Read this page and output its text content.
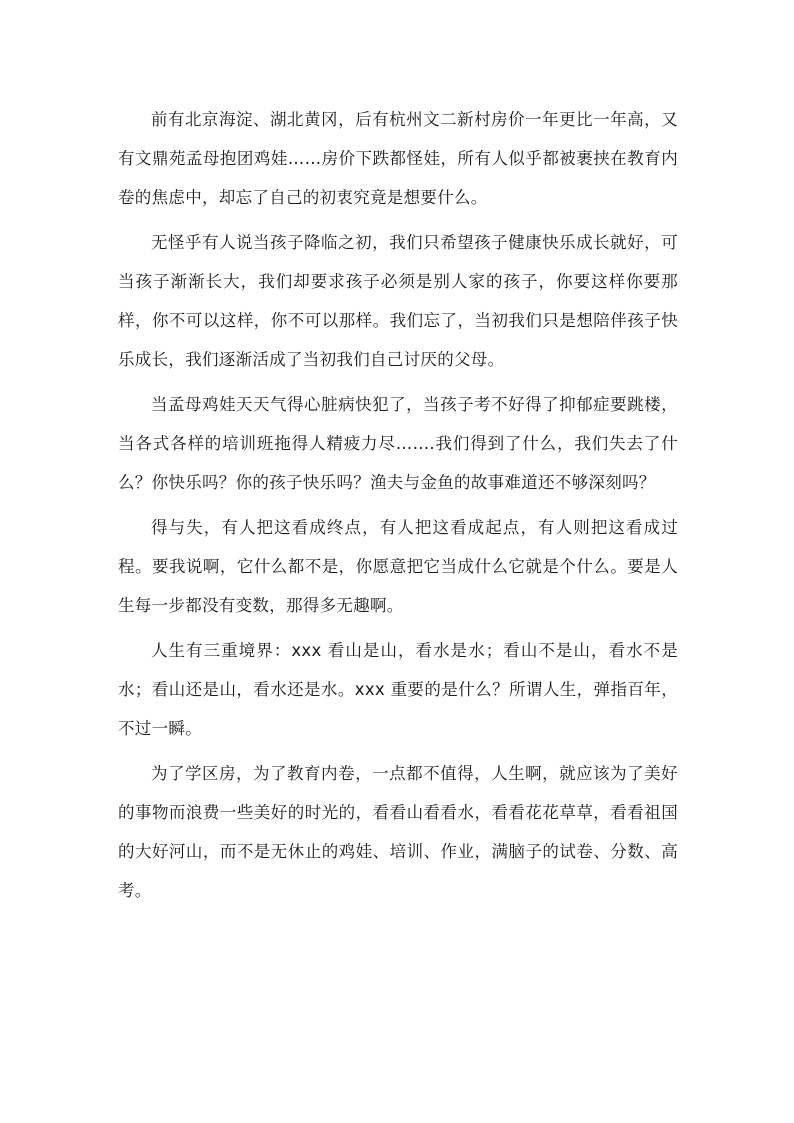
前有北京海淀、湖北黄冈，后有杭州文二新村房价一年更比一年高，又有文鼎苑孟母抱团鸡娃……房价下跌都怪娃，所有人似乎都被裹挟在教育内卷的焦虑中，却忘了自己的初衷究竟是想要什么。

无怪乎有人说当孩子降临之初，我们只希望孩子健康快乐成长就好，可当孩子渐渐长大，我们却要求孩子必须是别人家的孩子，你要这样你要那样，你不可以这样，你不可以那样。我们忘了，当初我们只是想陪伴孩子快乐成长，我们逐渐活成了当初我们自己讨厌的父母。

当孟母鸡娃天天气得心脏病快犯了，当孩子考不好得了抑郁症要跳楼，当各式各样的培训班拖得人精疲力尽…….我们得到了什么，我们失去了什么？你快乐吗？你的孩子快乐吗？渔夫与金鱼的故事难道还不够深刻吗？

得与失，有人把这看成终点，有人把这看成起点，有人则把这看成过程。要我说啊，它什么都不是，你愿意把它当成什么它就是个什么。要是人生每一步都没有变数，那得多无趣啊。

人生有三重境界：xxx 看山是山，看水是水；看山不是山，看水不是水；看山还是山，看水还是水。xxx 重要的是什么？所谓人生，弹指百年，不过一瞬。

为了学区房，为了教育内卷，一点都不值得，人生啊，就应该为了美好的事物而浪费一些美好的时光的，看看山看看水，看看花花草草，看看祖国的大好河山，而不是无休止的鸡娃、培训、作业，满脑子的试卷、分数、高考。
